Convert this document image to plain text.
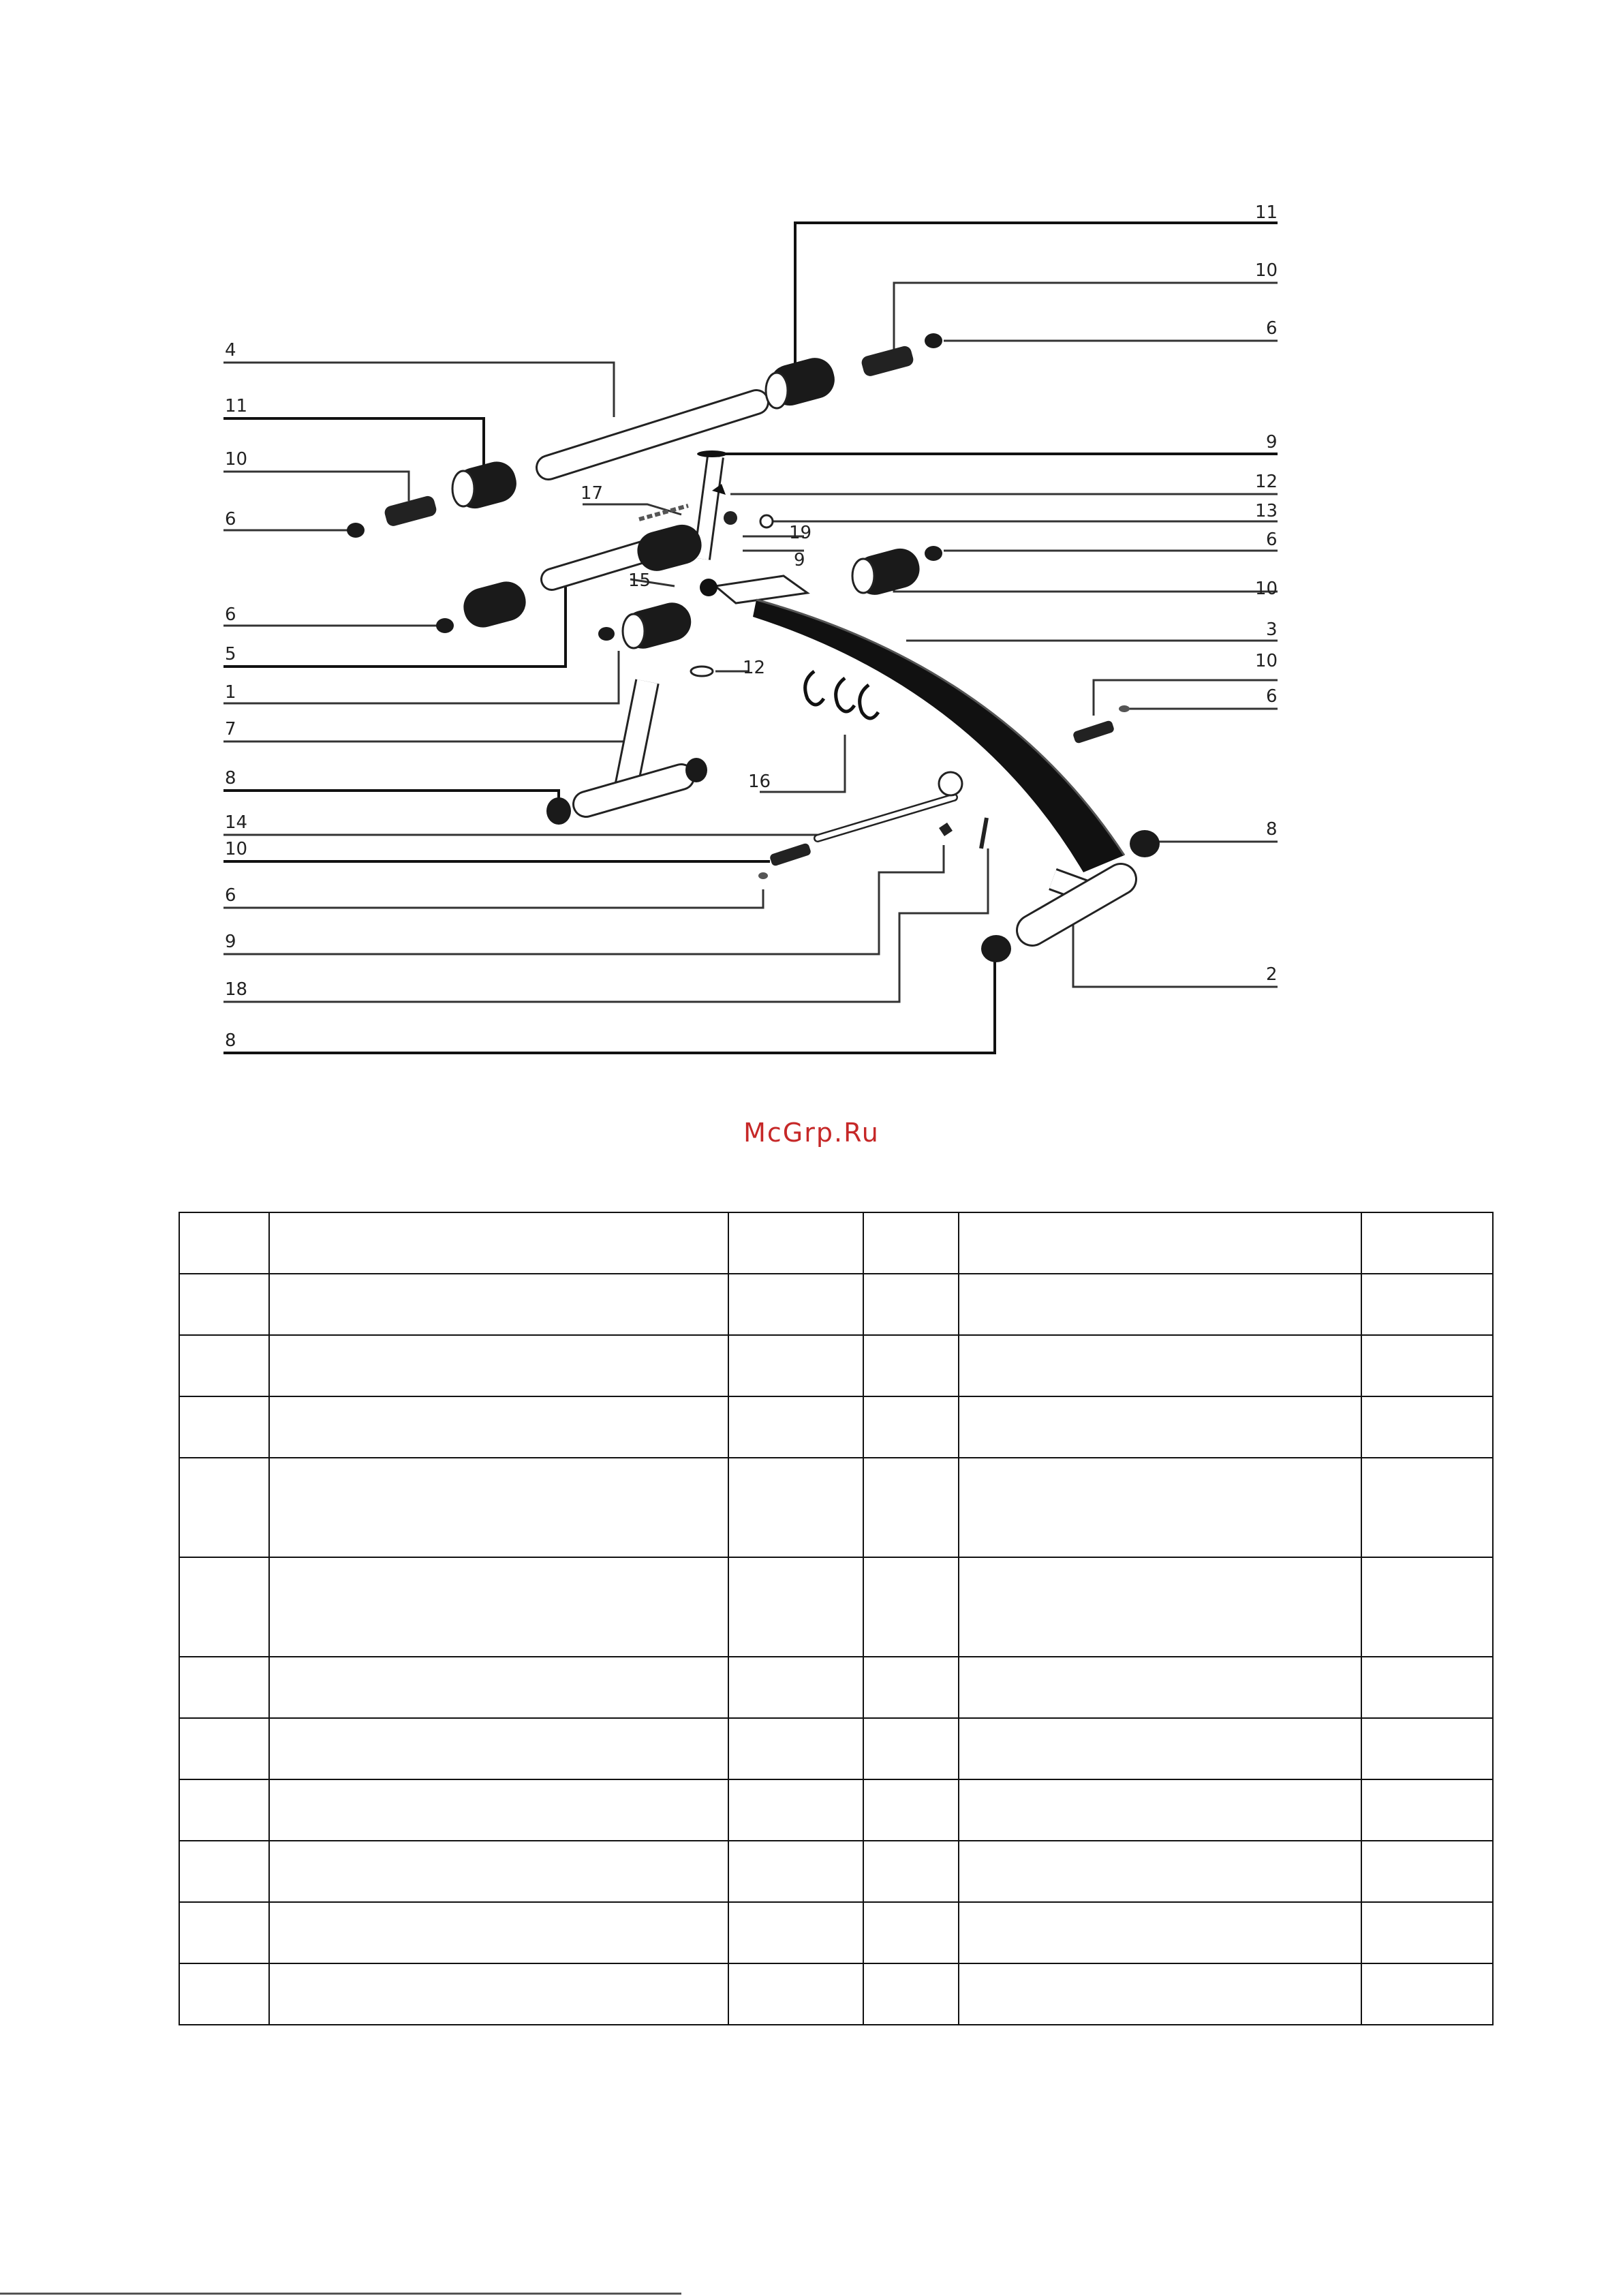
11
10
6
4
11
10
6
9
12
17
13
19	6
9
15
6
5
10
3
1
12	10
7
6
16
8
14	8
10
6
9
18
2
8
McGrp.Ru
